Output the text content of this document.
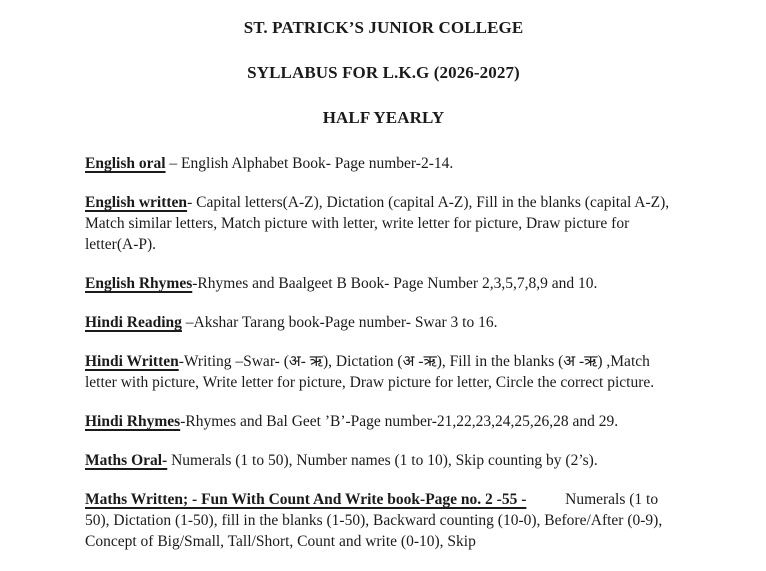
ST. PATRICK’S JUNIOR COLLEGE

SYLLABUS FOR L.K.G (2026-2027)

HALF YEARLY

English oral – English Alphabet Book- Page number-2-14.

English written- Capital letters(A-Z), Dictation (capital A-Z), Fill in the blanks (capital A-Z), Match similar letters, Match picture with letter, write letter for picture, Draw picture for letter(A-P).

English Rhymes-Rhymes and Baalgeet B Book- Page Number 2,3,5,7,8,9 and 10.

Hindi Reading –Akshar Tarang book-Page number- Swar 3 to 16.

Hindi Written-Writing –Swar- (अ- ऋ), Dictation (अ -ऋ), Fill in the blanks (अ -ऋ) ,Match letter with picture, Write letter for picture, Draw picture for letter, Circle the correct picture.

Hindi Rhymes-Rhymes and Bal Geet ’B’-Page number-21,22,23,24,25,26,28 and 29.

Maths Oral- Numerals (1 to 50), Number names (1 to 10), Skip counting by (2’s).

Maths Written; - Fun With Count And Write book-Page no. 2 -55 -	Numerals (1 to 50), Dictation (1-50), fill in the blanks (1-50), Backward counting (10-0), Before/After (0-9), Concept of Big/Small, Tall/Short, Count and write (0-10), Skip
